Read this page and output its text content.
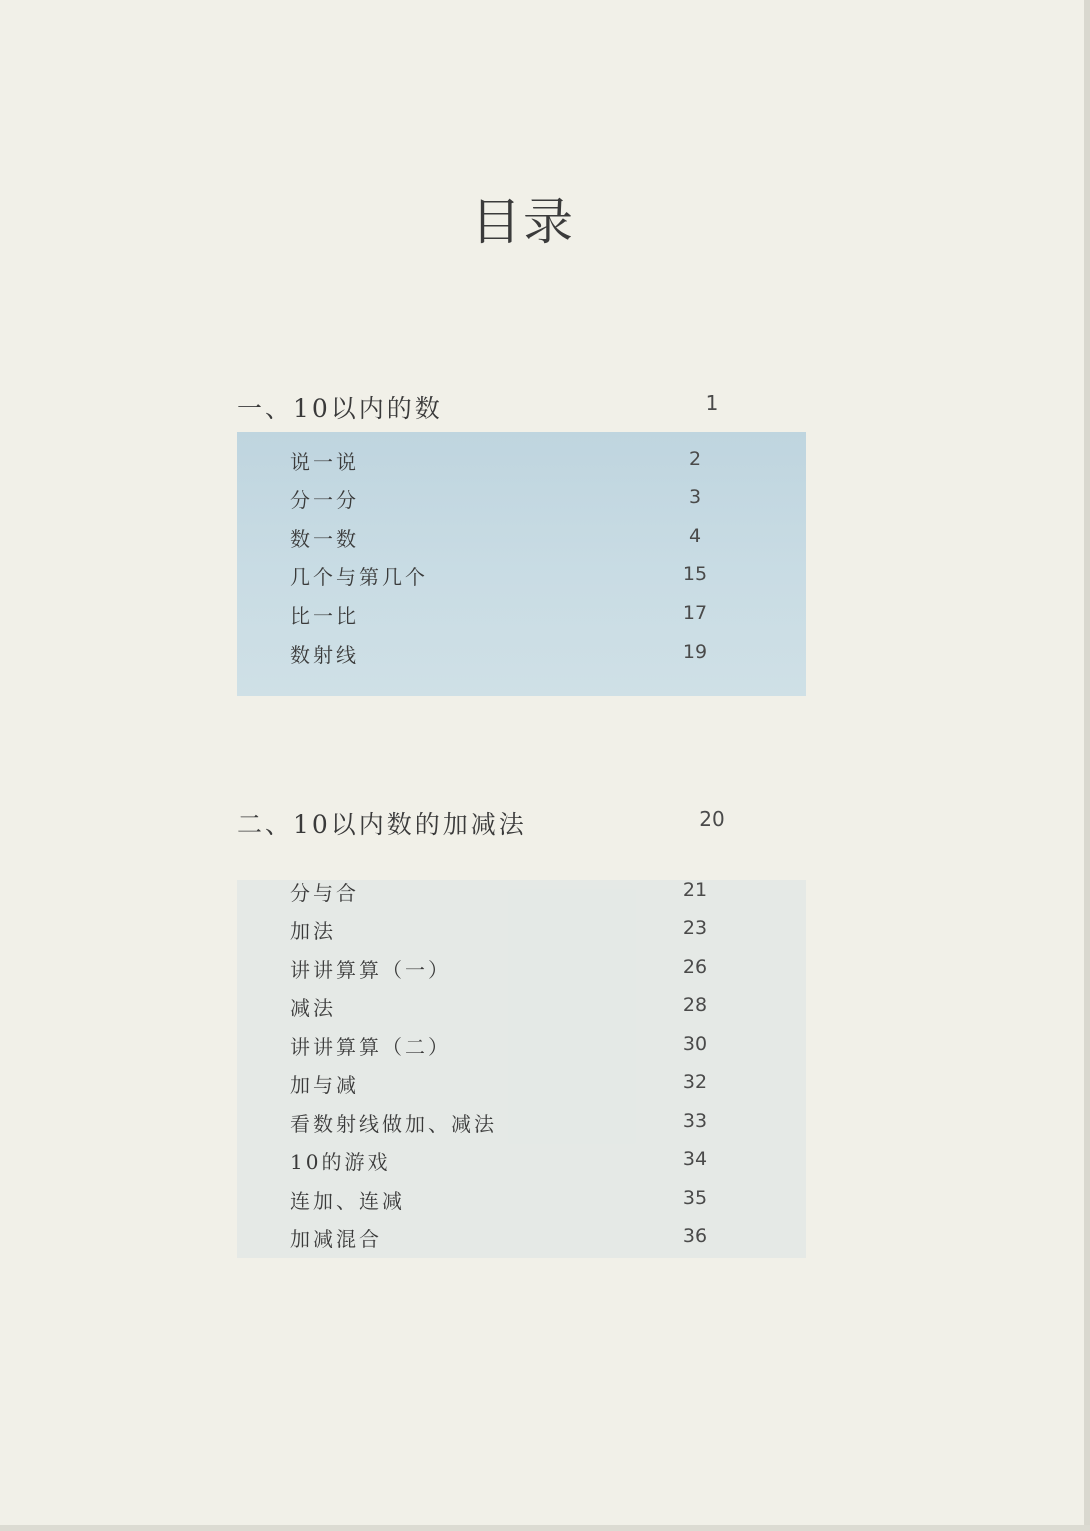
目录
一、10以内的数	1
说一说	2
分一分	3
数一数	4
几个与第几个	15
比一比	17
数射线	19
二、10以内数的加减法	20
分与合	21
加法	23
讲讲算算（一）	26
减法	28
讲讲算算（二）	30
加与减	32
看数射线做加、减法	33
10的游戏	34
连加、连减	35
加减混合	36
